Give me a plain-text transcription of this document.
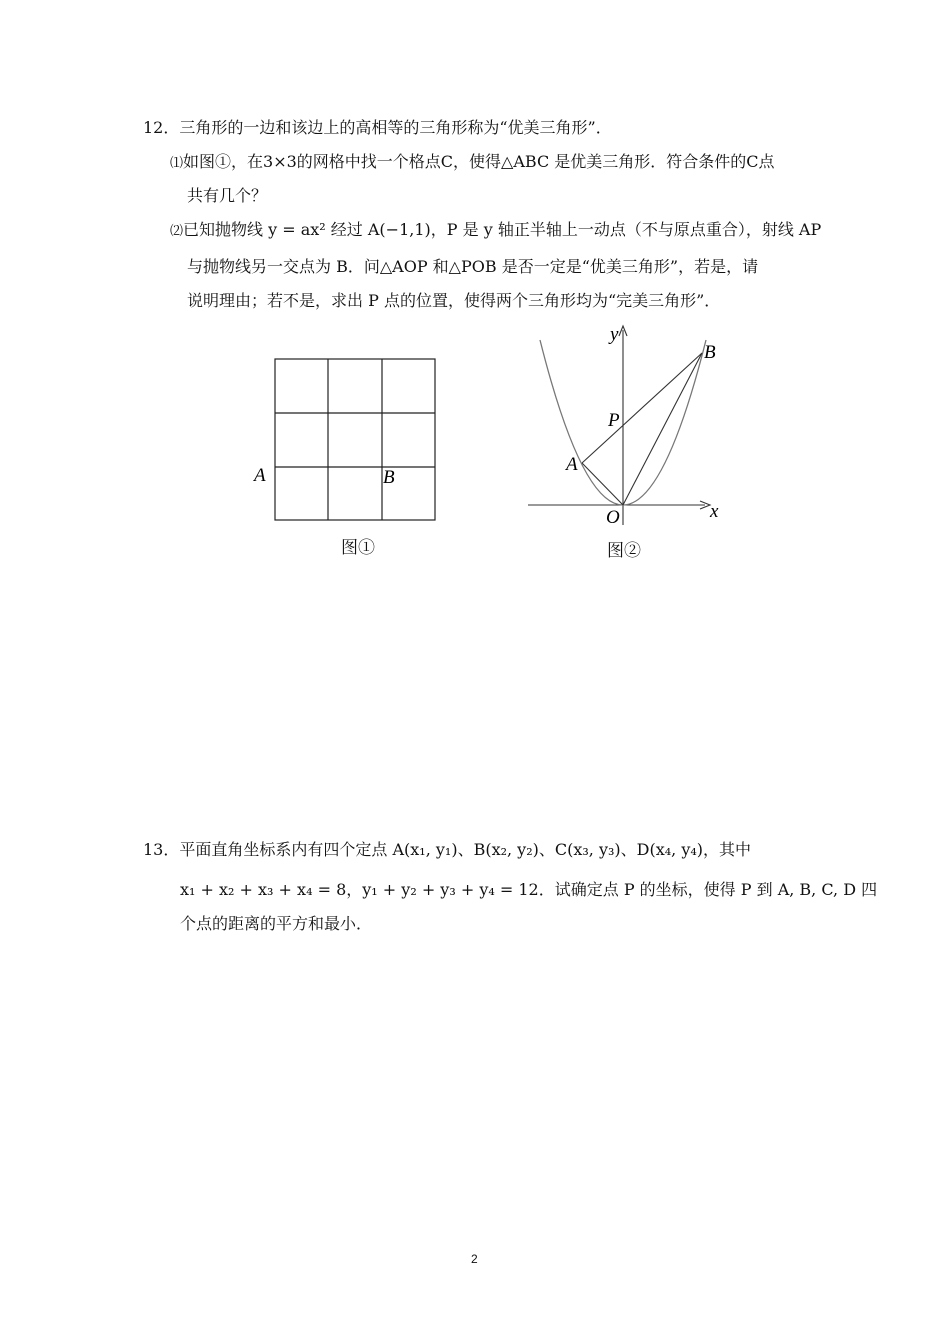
12．三角形的一边和该边上的高相等的三角形称为“优美三角形”．
⑴如图①，在3×3的网格中找一个格点C，使得△ABC 是优美三角形．符合条件的C点
共有几个？
⑵已知抛物线 y = ax² 经过 A(−1,1)，P 是 y 轴正半轴上一动点（不与原点重合），射线 AP
与抛物线另一交点为 B．问△AOP 和△POB 是否一定是“优美三角形”，若是，请
说明理由；若不是，求出 P 点的位置，使得两个三角形均为“完美三角形”．
A	B
图①
y
B
P
A
O	x
图②
13．平面直角坐标系内有四个定点 A(x₁, y₁)、B(x₂, y₂)、C(x₃, y₃)、D(x₄, y₄)，其中
x₁ + x₂ + x₃ + x₄ = 8，y₁ + y₂ + y₃ + y₄ = 12．试确定点 P 的坐标，使得 P 到 A, B, C, D 四
个点的距离的平方和最小．
2
